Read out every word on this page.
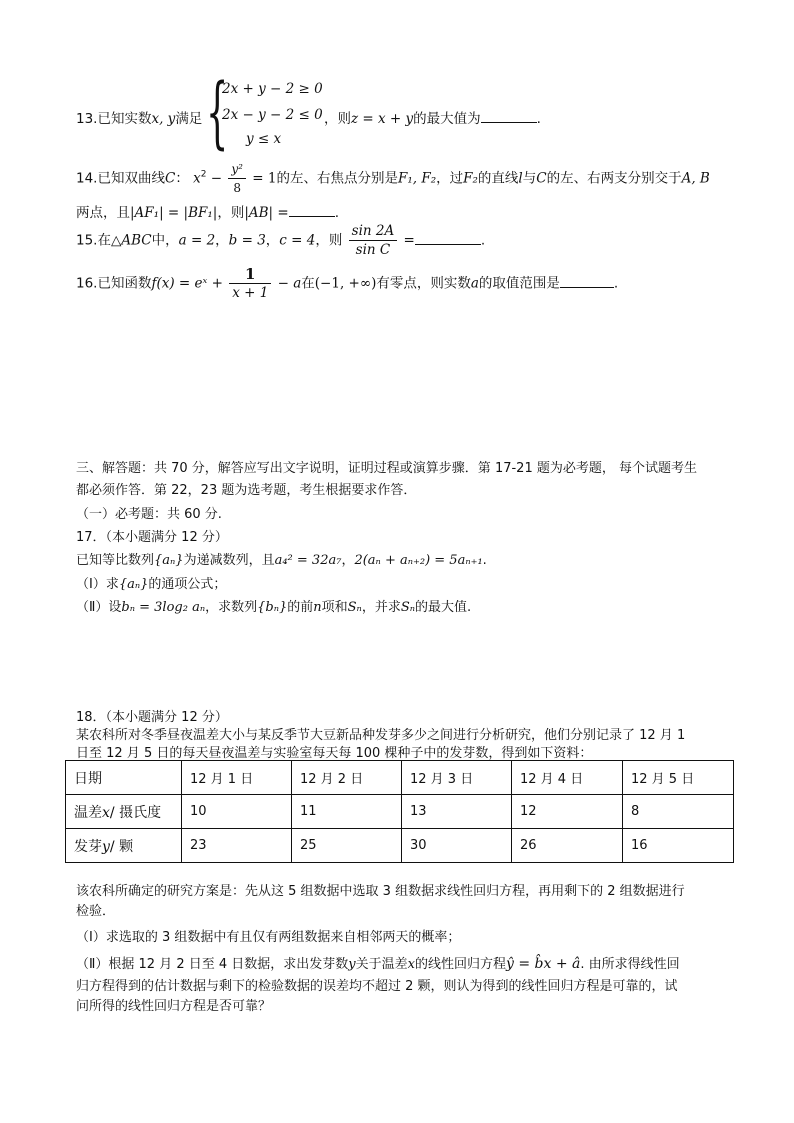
13.已知实数x, y满足 {
2x + y − 2 ≥ 0
2x − y − 2 ≤ 0
y ≤ x
，则z = x + y的最大值为	.
14.已知双曲线C： $x^2 - \frac{\text{y²}}{8} = 1$的左、右焦点分别是F₁, F₂，过F₂的直线l与C的左、右两支分别交于A, B
两点，且|AF₁| = |BF₁|，则|AB| =	.
15.在△ABC中，a = 2，b = 3，c = 4，则 $\frac{\sin 2A}{\text{sin C}}$ =	.
16.已知函数f(x) = eˣ + $\frac{1}{x + 1} - a$在(−1, +∞)有零点，则实数a的取值范围是	.
三、解答题：共 70 分，解答应写出文字说明，证明过程或演算步骤．第 17-21 题为必考题， 每个试题考生
都必须作答．第 22，23 题为选考题，考生根据要求作答．
（一）必考题：共 60 分.
17．（本小题满分 12 分）
已知等比数列{aₙ}为递减数列，且a₄² = 32a₇，2(aₙ + aₙ₊₂) = 5aₙ₊₁.
（Ⅰ）求{aₙ}的通项公式；
（Ⅱ）设bₙ = 3log₂ aₙ，求数列{bₙ}的前n项和Sₙ，并求Sₙ的最大值.
18．（本小题满分 12 分）
某农科所对冬季昼夜温差大小与某反季节大豆新品种发芽多少之间进行分析研究，他们分别记录了 12 月 1
日至 12 月 5 日的每天昼夜温差与实验室每天每 100 棵种子中的发芽数，得到如下资料：
日期	12 月 1 日	12 月 2 日	12 月 3 日	12 月 4 日	12 月 5 日
温差x/ 摄氏度	10	11	13	12	8
发芽y/ 颗	23	25	30	26	16
该农科所确定的研究方案是：先从这 5 组数据中选取 3 组数据求线性回归方程，再用剩下的 2 组数据进行
检验．
（Ⅰ）求选取的 3 组数据中有且仅有两组数据来自相邻两天的概率；
（Ⅱ）根据 12 月 2 日至 4 日数据，求出发芽数y关于温差x的线性回归方程ŷ = b̂x + â. 由所求得线性回
归方程得到的估计数据与剩下的检验数据的误差均不超过 2 颗，则认为得到的线性回归方程是可靠的，试
问所得的线性回归方程是否可靠？
